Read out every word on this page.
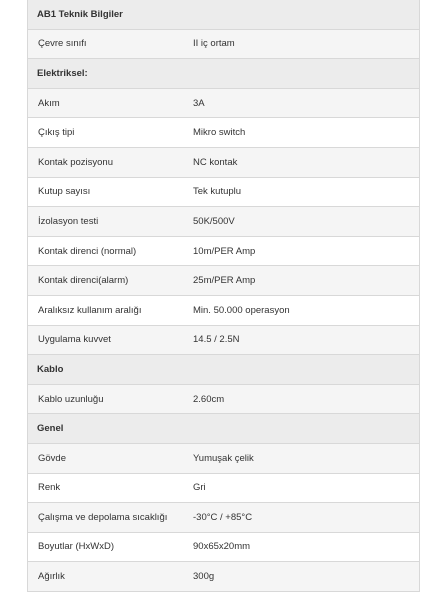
AB1 Teknik Bilgiler
Çevre sınıfı	II iç ortam
Elektriksel:
Akım	3A
Çıkış tipi	Mikro switch
Kontak pozisyonu	NC kontak
Kutup sayısı	Tek kutuplu
İzolasyon testi	50K/500V
Kontak direnci (normal)	10m/PER Amp
Kontak direnci(alarm)	25m/PER Amp
Aralıksız kullanım aralığı	Min. 50.000 operasyon
Uygulama kuvvet	14.5 / 2.5N
Kablo
Kablo uzunluğu	2.60cm
Genel
Gövde	Yumuşak çelik
Renk	Gri
Çalışma ve depolama sıcaklığı	-30°C / +85°C
Boyutlar (HxWxD)	90x65x20mm
Ağırlık	300g
